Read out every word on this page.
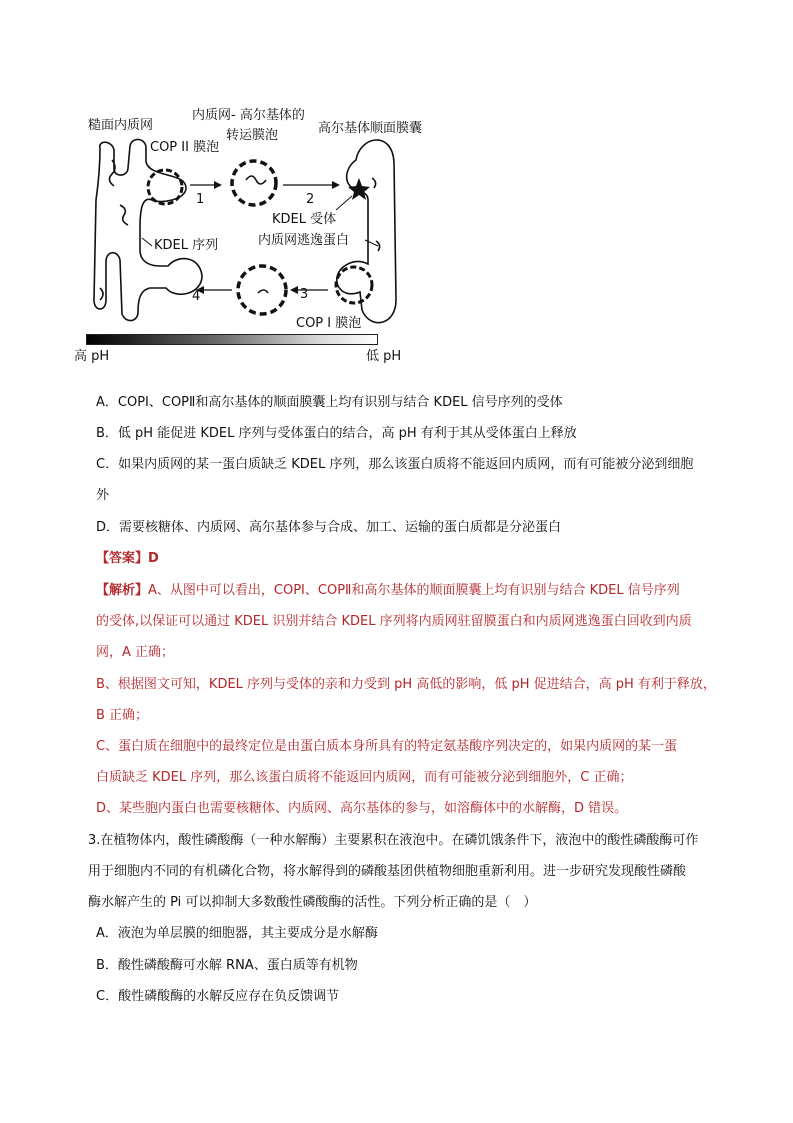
糙面内质网
内质网- 高尔基体的
转运膜泡	高尔基体顺面膜囊
COP II 膜泡
1	2
KDEL 受体
KDEL 序列	内质网逃逸蛋白
3
4
COP I 膜泡
高 pH	低 pH
A．COPⅠ、COPⅡ和高尔基体的顺面膜囊上均有识别与结合 KDEL 信号序列的受体
B．低 pH 能促进 KDEL 序列与受体蛋白的结合，高 pH 有利于其从受体蛋白上释放
C．如果内质网的某一蛋白质缺乏 KDEL 序列，那么该蛋白质将不能返回内质网，而有可能被分泌到细胞
外
D．需要核糖体、内质网、高尔基体参与合成、加工、运输的蛋白质都是分泌蛋白
【答案】D
【解析】A、从图中可以看出，COPⅠ、COPⅡ和高尔基体的顺面膜囊上均有识别与结合 KDEL 信号序列
的受体,以保证可以通过 KDEL 识别并结合 KDEL 序列将内质网驻留膜蛋白和内质网逃逸蛋白回收到内质
网，A 正确；
B、根据图文可知，KDEL 序列与受体的亲和力受到 pH 高低的影响，低 pH 促进结合，高 pH 有利于释放，
B 正确；
C、蛋白质在细胞中的最终定位是由蛋白质本身所具有的特定氨基酸序列决定的，如果内质网的某一蛋
白质缺乏 KDEL 序列，那么该蛋白质将不能返回内质网，而有可能被分泌到细胞外，C 正确；
D、某些胞内蛋白也需要核糖体、内质网、高尔基体的参与，如溶酶体中的水解酶，D 错误。
3.在植物体内，酸性磷酸酶（一种水解酶）主要累积在液泡中。在磷饥饿条件下，液泡中的酸性磷酸酶可作
用于细胞内不同的有机磷化合物，将水解得到的磷酸基团供植物细胞重新利用。进一步研究发现酸性磷酸
酶水解产生的 Pi 可以抑制大多数酸性磷酸酶的活性。下列分析正确的是（　）
A．液泡为单层膜的细胞器，其主要成分是水解酶
B．酸性磷酸酶可水解 RNA、蛋白质等有机物
C．酸性磷酸酶的水解反应存在负反馈调节
